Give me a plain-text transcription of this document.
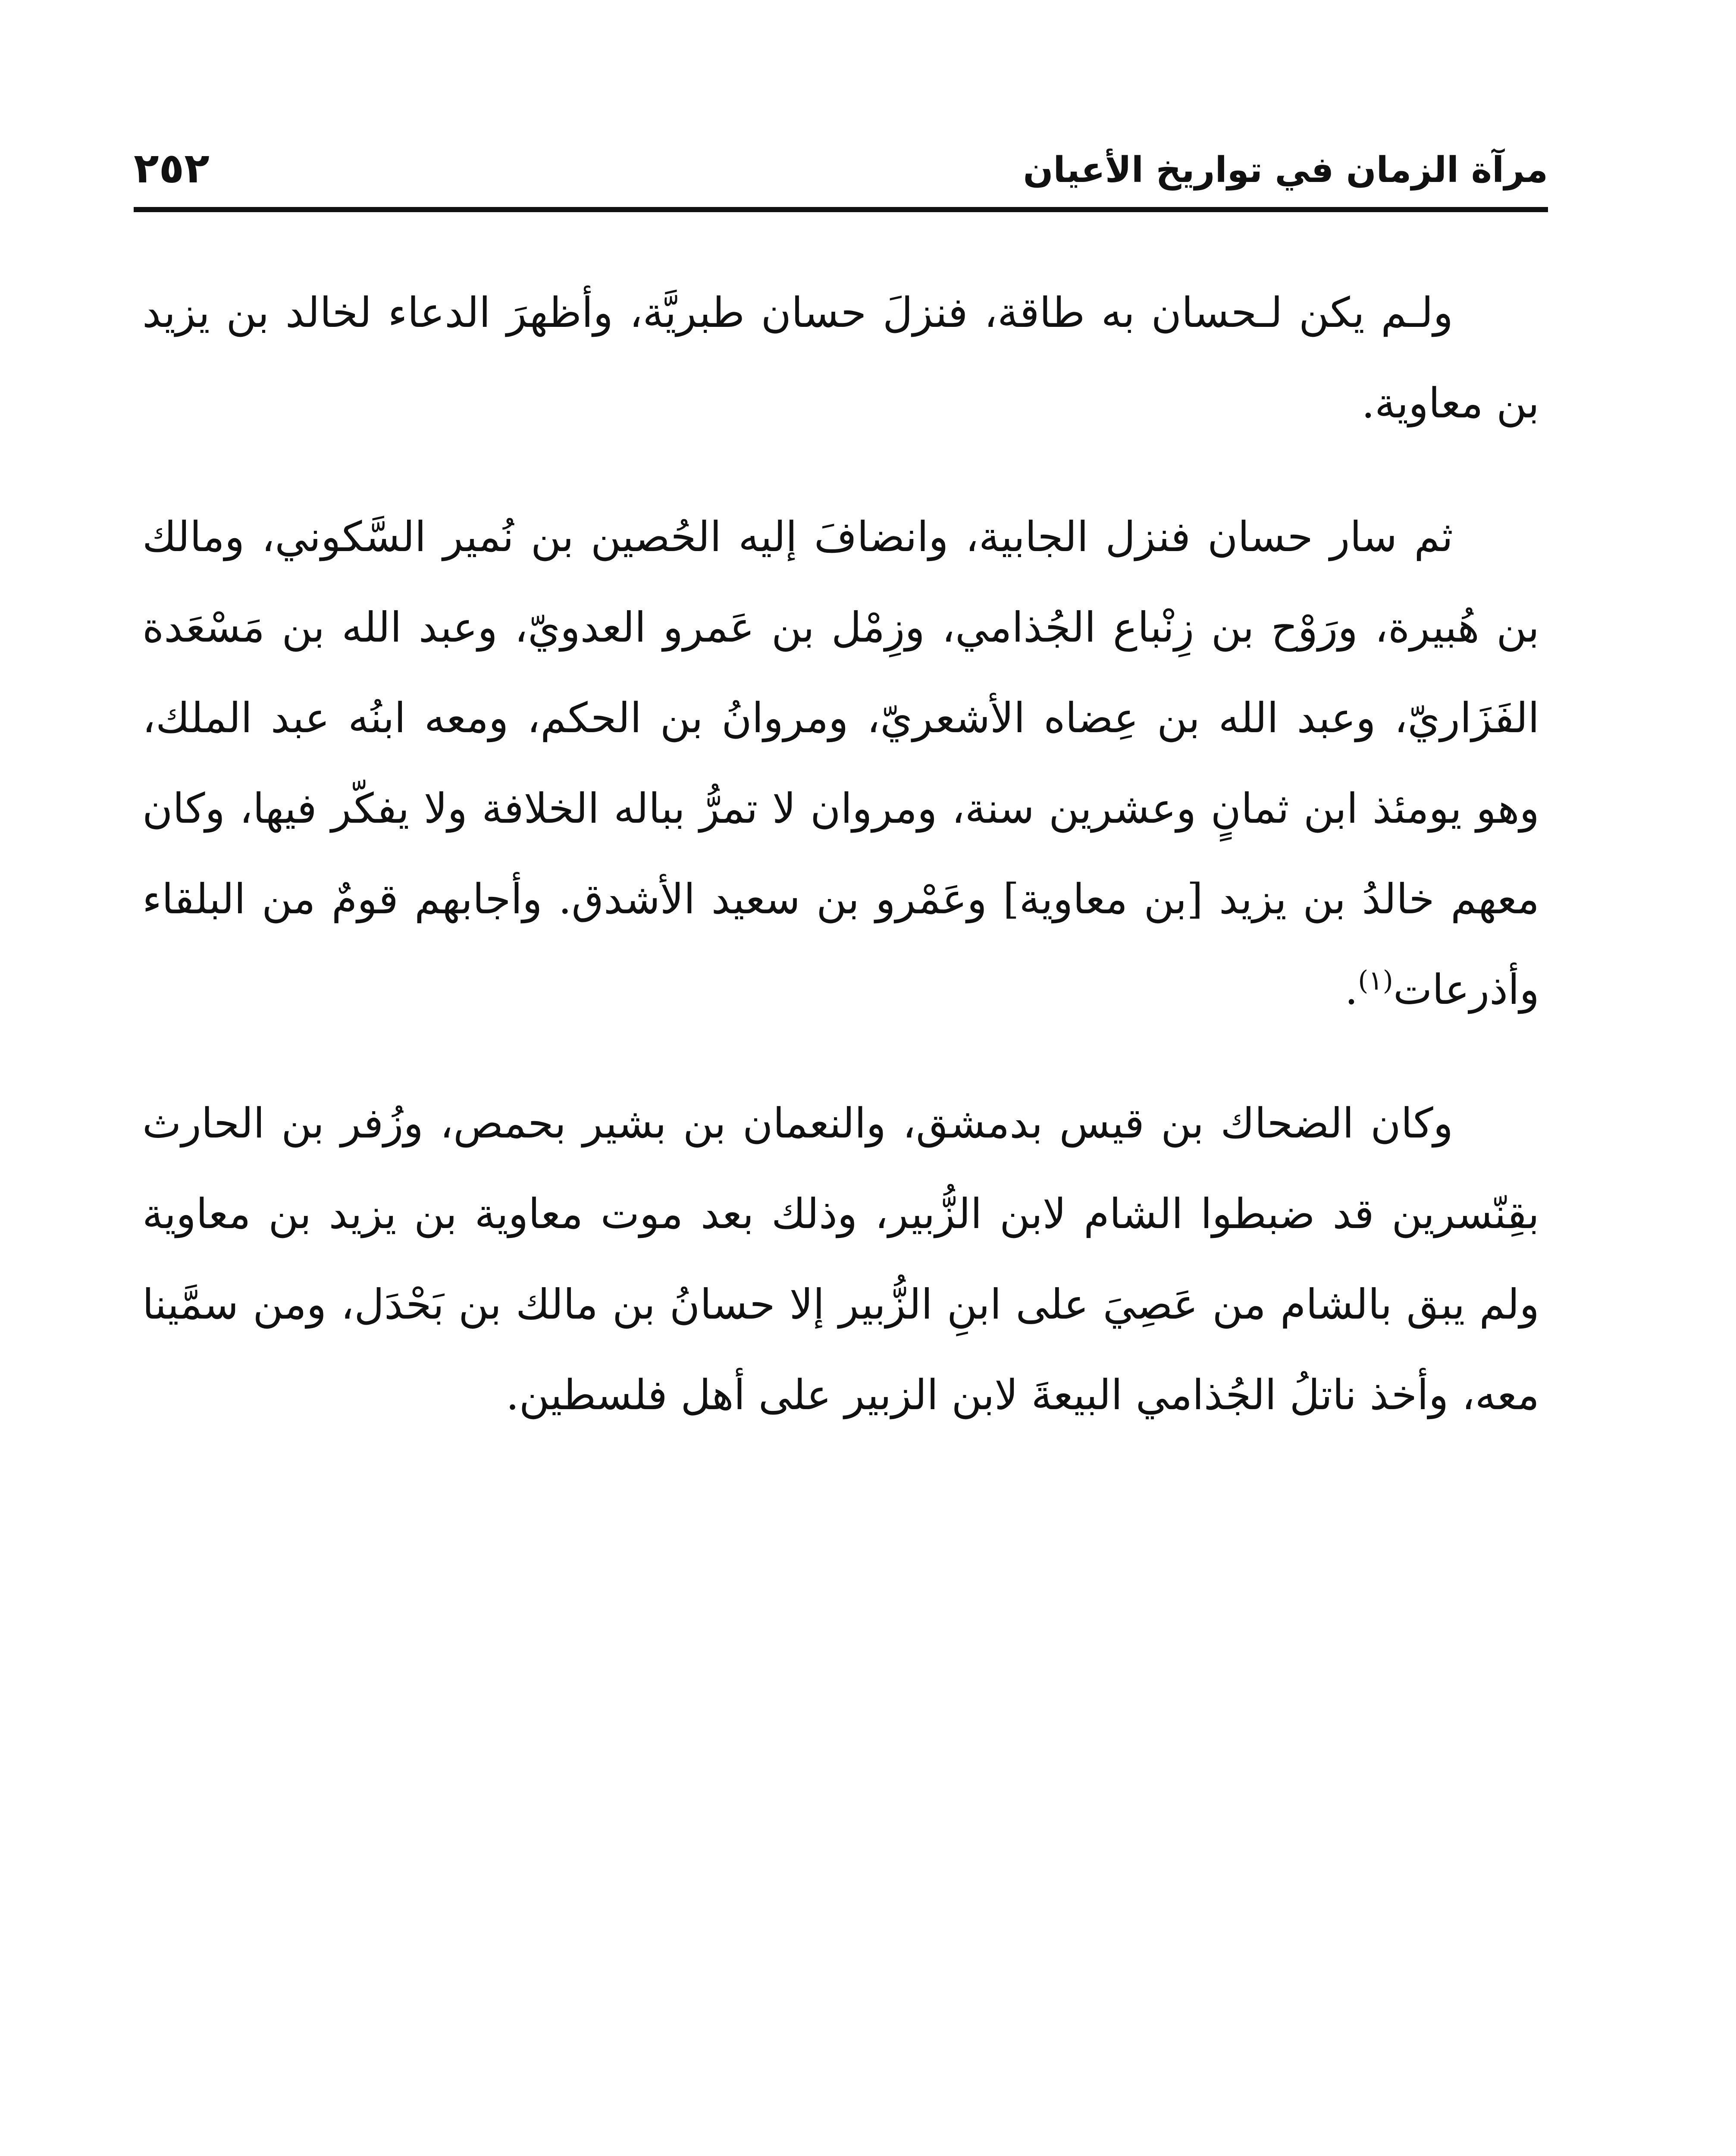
مرآة الزمان في تواريخ الأعيان
٢٥٢

ولـم يكن لـحسان به طاقة، فنزلَ حسان طبريَّة، وأظهرَ الدعاء لخالد بن يزيد بن معاوية.

ثم سار حسان فنزل الجابية، وانضافَ إليه الحُصين بن نُمير السَّكوني، ومالك بن هُبيرة، ورَوْح بن زِنْباع الجُذامي، وزِمْل بن عَمرو العدويّ، وعبد الله بن مَسْعَدة الفَزَاريّ، وعبد الله بن عِضاه الأشعريّ، ومروانُ بن الحكم، ومعه ابنُه عبد الملك، وهو يومئذ ابن ثمانٍ وعشرين سنة، ومروان لا تمرُّ بباله الخلافة ولا يفكّر فيها، وكان معهم خالدُ بن يزيد [بن معاوية] وعَمْرو بن سعيد الأشدق. وأجابهم قومٌ من البلقاء وأذرعات$^{(١)}$.

وكان الضحاك بن قيس بدمشق، والنعمان بن بشير بحمص، وزُفر بن الحارث بقِنّسرين قد ضبطوا الشام لابن الزُّبير، وذلك بعد موت معاوية بن يزيد بن معاوية ولم يبق بالشام من عَصِيَ على ابنِ الزُّبير إلا حسانُ بن مالك بن بَحْدَل، ومن سمَّينا معه، وأخذ ناتلُ الجُذامي البيعةَ لابن الزبير على أهل فلسطين.
